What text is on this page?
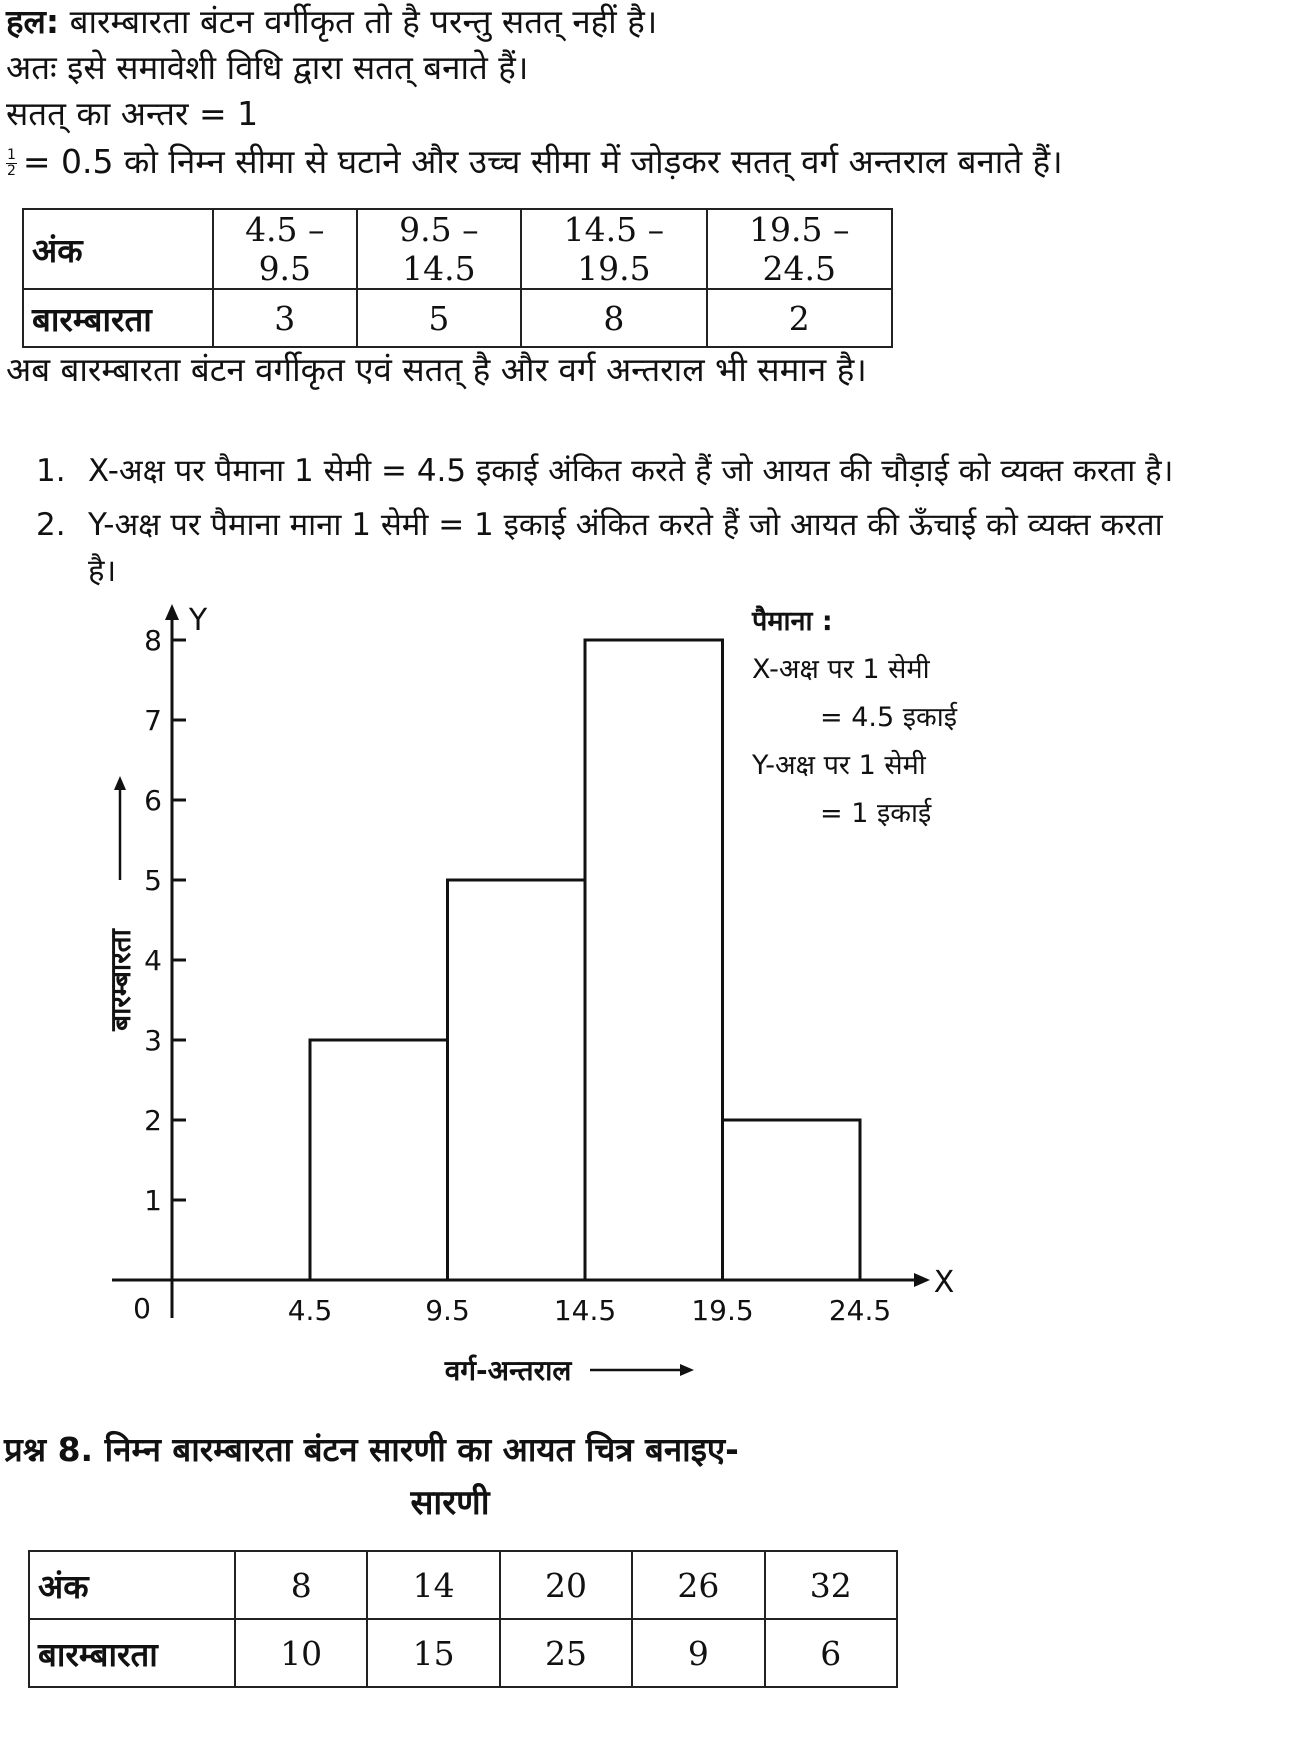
हल: बारम्बारता बंटन वर्गीकृत तो है परन्तु सतत् नहीं है।
अतः इसे समावेशी विधि द्वारा सतत् बनाते हैं।
सतत् का अन्तर = 1
$\frac{1}{2} = 0.5$ को निम्न सीमा से घटाने और उच्च सीमा में जोड़कर सतत् वर्ग अन्तराल बनाते हैं।
अंक	4.5 – 9.5	9.5 – 14.5	14.5 – 19.5	19.5 – 24.5
बारम्बारता	3	5	8	2
अब बारम्बारता बंटन वर्गीकृत एवं सतत् है और वर्ग अन्तराल भी समान है।
1. X-अक्ष पर पैमाना 1 सेमी = 4.5 इकाई अंकित करते हैं जो आयत की चौड़ाई को व्यक्त करता है।
2. Y-अक्ष पर पैमाना माना 1 सेमी = 1 इकाई अंकित करते हैं जो आयत की ऊँचाई को व्यक्त करता
है।
1
2
3
4
5
6
7
8
4.5	9.5	14.5	19.5	24.5
0
X
Y
वर्ग-अन्तराल
बारम्बारता
पैमाना :
X-अक्ष पर 1 सेमी
= 4.5 इकाई
Y-अक्ष पर 1 सेमी
= 1 इकाई
प्रश्न 8. निम्न बारम्बारता बंटन सारणी का आयत चित्र बनाइए-
सारणी
अंक	8	14	20	26	32
बारम्बारता	10	15	25	9	6
